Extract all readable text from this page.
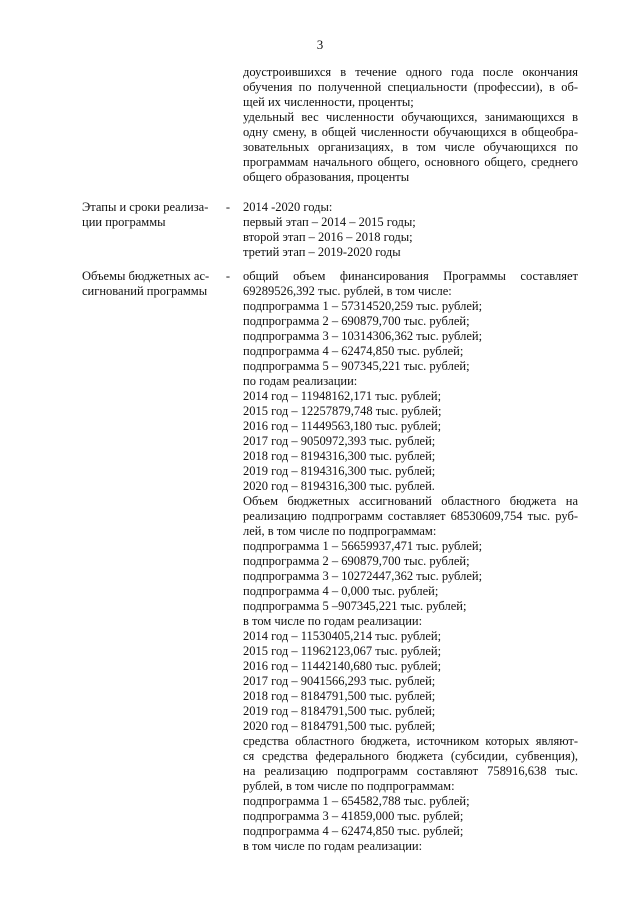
3
доустроившихся в течение одного года после окончания
обучения по полученной специальности (профессии), в об-
щей их численности, проценты;
удельный вес численности обучающихся, занимающихся в
одну смену, в общей численности обучающихся в общеобра-
зовательных организациях, в том числе обучающихся по
программам начального общего, основного общего, среднего
общего образования, проценты
Этапы и сроки реализа-
ции программы
- 2014 -2020 годы:
первый этап – 2014 – 2015 годы;
второй этап – 2016 – 2018 годы;
третий этап – 2019-2020 годы
Объемы бюджетных ас-
сигнований программы
- общий объем финансирования Программы составляет
69289526,392 тыс. рублей, в том числе:
подпрограмма 1 – 57314520,259 тыс. рублей;
подпрограмма 2 – 690879,700 тыс. рублей;
подпрограмма 3 – 10314306,362 тыс. рублей;
подпрограмма 4 – 62474,850 тыс. рублей;
подпрограмма 5 – 907345,221 тыс. рублей;
по годам реализации:
2014 год – 11948162,171 тыс. рублей;
2015 год – 12257879,748 тыс. рублей;
2016 год – 11449563,180 тыс. рублей;
2017 год – 9050972,393 тыс. рублей;
2018 год – 8194316,300 тыс. рублей;
2019 год – 8194316,300 тыс. рублей;
2020 год – 8194316,300 тыс. рублей.
Объем бюджетных ассигнований областного бюджета на
реализацию подпрограмм составляет 68530609,754 тыс. руб-
лей, в том числе по подпрограммам:
подпрограмма 1 – 56659937,471 тыс. рублей;
подпрограмма 2 – 690879,700 тыс. рублей;
подпрограмма 3 – 10272447,362 тыс. рублей;
подпрограмма 4 – 0,000 тыс. рублей;
подпрограмма 5 –907345,221 тыс. рублей;
в том числе по годам реализации:
2014 год – 11530405,214 тыс. рублей;
2015 год – 11962123,067 тыс. рублей;
2016 год – 11442140,680 тыс. рублей;
2017 год – 9041566,293 тыс. рублей;
2018 год – 8184791,500 тыс. рублей;
2019 год – 8184791,500 тыс. рублей;
2020 год – 8184791,500 тыс. рублей;
средства областного бюджета, источником которых являют-
ся средства федерального бюджета (субсидии, субвенция),
на реализацию подпрограмм составляют 758916,638 тыс.
рублей, в том числе по подпрограммам:
подпрограмма 1 – 654582,788 тыс. рублей;
подпрограмма 3 – 41859,000 тыс. рублей;
подпрограмма 4 – 62474,850 тыс. рублей;
в том числе по годам реализации:
